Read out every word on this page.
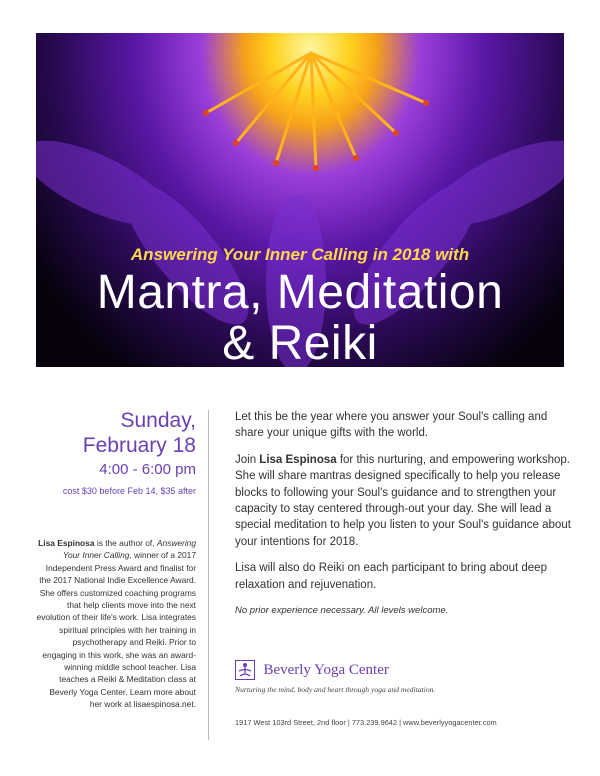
Answering Your Inner Calling in 2018 with
Mantra, Meditation
& Reiki
Sunday,
February 18
4:00 - 6:00 pm
cost $30 before Feb 14, $35 after
Lisa Espinosa is the author of, Answering Your Inner Calling, winner of a 2017 Independent Press Award and finalist for the 2017 National Indie Excellence Award. She offers customized coaching programs that help clients move into the next evolution of their life's work. Lisa integrates spiritual principles with her training in psychotherapy and Reiki. Prior to engaging in this work, she was an award-winning middle school teacher. Lisa teaches a Reiki & Meditation class at Beverly Yoga Center. Learn more about her work at lisaespinosa.net.

Let this be the year where you answer your Soul's calling and share your unique gifts with the world.

Join Lisa Espinosa for this nurturing, and empowering workshop. She will share mantras designed specifically to help you release blocks to following your Soul's guidance and to strengthen your capacity to stay centered through-out your day. She will lead a special meditation to help you listen to your Soul's guidance about your intentions for 2018.

Lisa will also do Reiki on each participant to bring about deep relaxation and rejuvenation.

No prior experience necessary. All levels welcome.

Beverly Yoga Center
Nurturing the mind, body and heart through yoga and meditation.
1917 West 103rd Street, 2nd floor | 773.239.9642 | www.beverlyyogacenter.com
